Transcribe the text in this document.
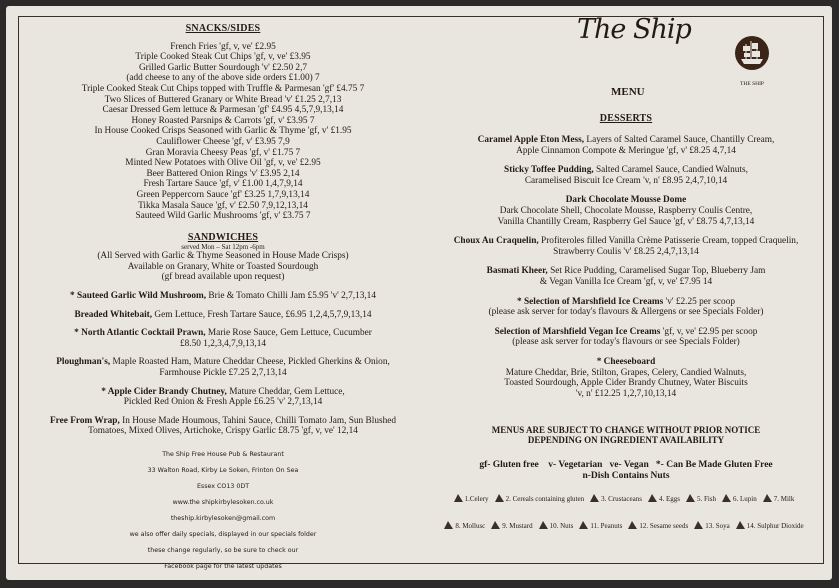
SNACKS/SIDES
French Fries 'gf, v, ve' £2.95
Triple Cooked Steak Cut Chips 'gf, v, ve' £3.95
Grilled Garlic Butter Sourdough 'v' £2.50 2,7
(add cheese to any of the above side orders £1.00) 7
Triple Cooked Steak Cut Chips topped with Truffle & Parmesan 'gf' £4.75 7
Two Slices of Buttered Granary or White Bread 'v' £1.25 2,7,13
Caesar Dressed Gem lettuce & Parmesan 'gf' £4.95 4,5,7,9,13,14
Honey Roasted Parsnips & Carrots 'gf, v' £3.95 7
In House Cooked Crisps Seasoned with Garlic & Thyme 'gf, v' £1.95
Cauliflower Cheese 'gf, v' £3.95 7,9
Gran Moravia Cheesy Peas 'gf, v' £1.75 7
Minted New Potatoes with Olive Oil 'gf, v, ve' £2.95
Beer Battered Onion Rings 'v' £3.95 2,14
Fresh Tartare Sauce 'gf, v' £1.00 1,4,7,9,14
Green Peppercorn Sauce 'gf' £3.25 1,7,9,13,14
Tikka Masala Sauce 'gf, v' £2.50 7,9,12,13,14
Sauteed Wild Garlic Mushrooms 'gf, v' £3.75 7
SANDWICHES
served Mon – Sat 12pm -6pm
(All Served with Garlic & Thyme Seasoned in House Made Crisps)
Available on Granary, White or Toasted Sourdough
(gf bread available upon request)
* Sauteed Garlic Wild Mushroom, Brie & Tomato Chilli Jam £5.95 'v' 2,7,13,14
Breaded Whitebait, Gem Lettuce, Fresh Tartare Sauce, £6.95 1,2,4,5,7,9,13,14
* North Atlantic Cocktail Prawn, Marie Rose Sauce, Gem Lettuce, Cucumber
£8.50 1,2,3,4,7,9,13,14
Ploughman's, Maple Roasted Ham, Mature Cheddar Cheese, Pickled Gherkins & Onion,
Farmhouse Pickle £7.25 2,7,13,14
* Apple Cider Brandy Chutney, Mature Cheddar, Gem Lettuce,
Pickled Red Onion & Fresh Apple £6.25 'v' 2,7,13,14
Free From Wrap, In House Made Houmous, Tahini Sauce, Chilli Tomato Jam, Sun Blushed
Tomatoes, Mixed Olives, Artichoke, Crispy Garlic £8.75 'gf, v, ve' 12,14
The Ship Free House Pub & Restaurant
33 Walton Road, Kirby Le Soken, Frinton On Sea
Essex CO13 0DT
www.the shipkirbylesoken.co.uk
theship.kirbylesoken@gmail.com
we also offer daily specials, displayed in our specials folder
these change regularly, so be sure to check our
Facebook page for the latest updates
The Ship
MENU
THE SHIP
DESSERTS
Caramel Apple Eton Mess, Layers of Salted Caramel Sauce, Chantilly Cream,
Apple Cinnamon Compote & Meringue 'gf, v' £8.25 4,7,14
Sticky Toffee Pudding, Salted Caramel Sauce, Candied Walnuts,
Caramelised Biscuit Ice Cream 'v, n' £8.95 2,4,7,10,14
Dark Chocolate Mousse Dome
Dark Chocolate Shell, Chocolate Mousse, Raspberry Coulis Centre,
Vanilla Chantilly Cream, Raspberry Gel Sauce 'gf, v' £8.75 4,7,13,14
Choux Au Craquelin, Profiteroles filled Vanilla Crème Patisserie Cream, topped Craquelin,
Strawberry Coulis 'v' £8.25 2,4,7,13,14
Basmati Kheer, Set Rice Pudding, Caramelised Sugar Top, Blueberry Jam
& Vegan Vanilla Ice Cream 'gf, v, ve' £7.95 14
* Selection of Marshfield Ice Creams 'v' £2.25 per scoop
(please ask server for today's flavours & Allergens or see Specials Folder)
Selection of Marshfield Vegan Ice Creams 'gf, v, ve' £2.95 per scoop
(please ask server for today's flavours or see Specials Folder)
* Cheeseboard
Mature Cheddar, Brie, Stilton, Grapes, Celery, Candied Walnuts,
Toasted Sourdough, Apple Cider Brandy Chutney, Water Biscuits
'v, n' £12.25 1,2,7,10,13,14
MENUS ARE SUBJECT TO CHANGE WITHOUT PRIOR NOTICE
DEPENDING ON INGREDIENT AVAILABILITY
gf- Gluten free    v- Vegetarian   ve- Vegan   *- Can Be Made Gluten Free
n-Dish Contains Nuts
1.Celery 2. Cereals containing gluten 3. Crustaceans 4. Eggs 5. Fish 6. Lupin 7. Milk
8. Mollusc 9. Mustard 10. Nuts 11. Peanuts 12. Sesame seeds 13. Soya 14. Sulphur Dioxide
